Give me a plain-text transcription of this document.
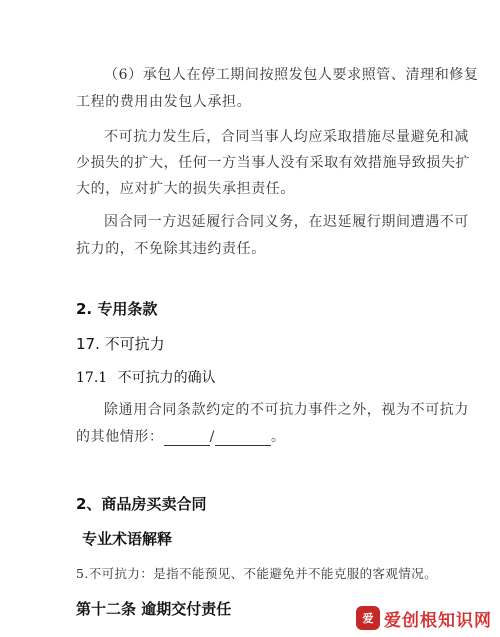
（6）承包人在停工期间按照发包人要求照管、清理和修复
工程的费用由发包人承担。
不可抗力发生后，合同当事人均应采取措施尽量避免和减
少损失的扩大，任何一方当事人没有采取有效措施导致损失扩
大的，应对扩大的损失承担责任。
因合同一方迟延履行合同义务，在迟延履行期间遭遇不可
抗力的，不免除其违约责任。
2. 专用条款
17. 不可抗力
17.1 不可抗力的确认
除通用合同条款约定的不可抗力事件之外，视为不可抗力
的其他情形：	/	。
2、商品房买卖合同
专业术语解释
5.不可抗力：是指不能预见、不能避免并不能克服的客观情况。
第十二条 逾期交付责任
爱 爱创根知识网
